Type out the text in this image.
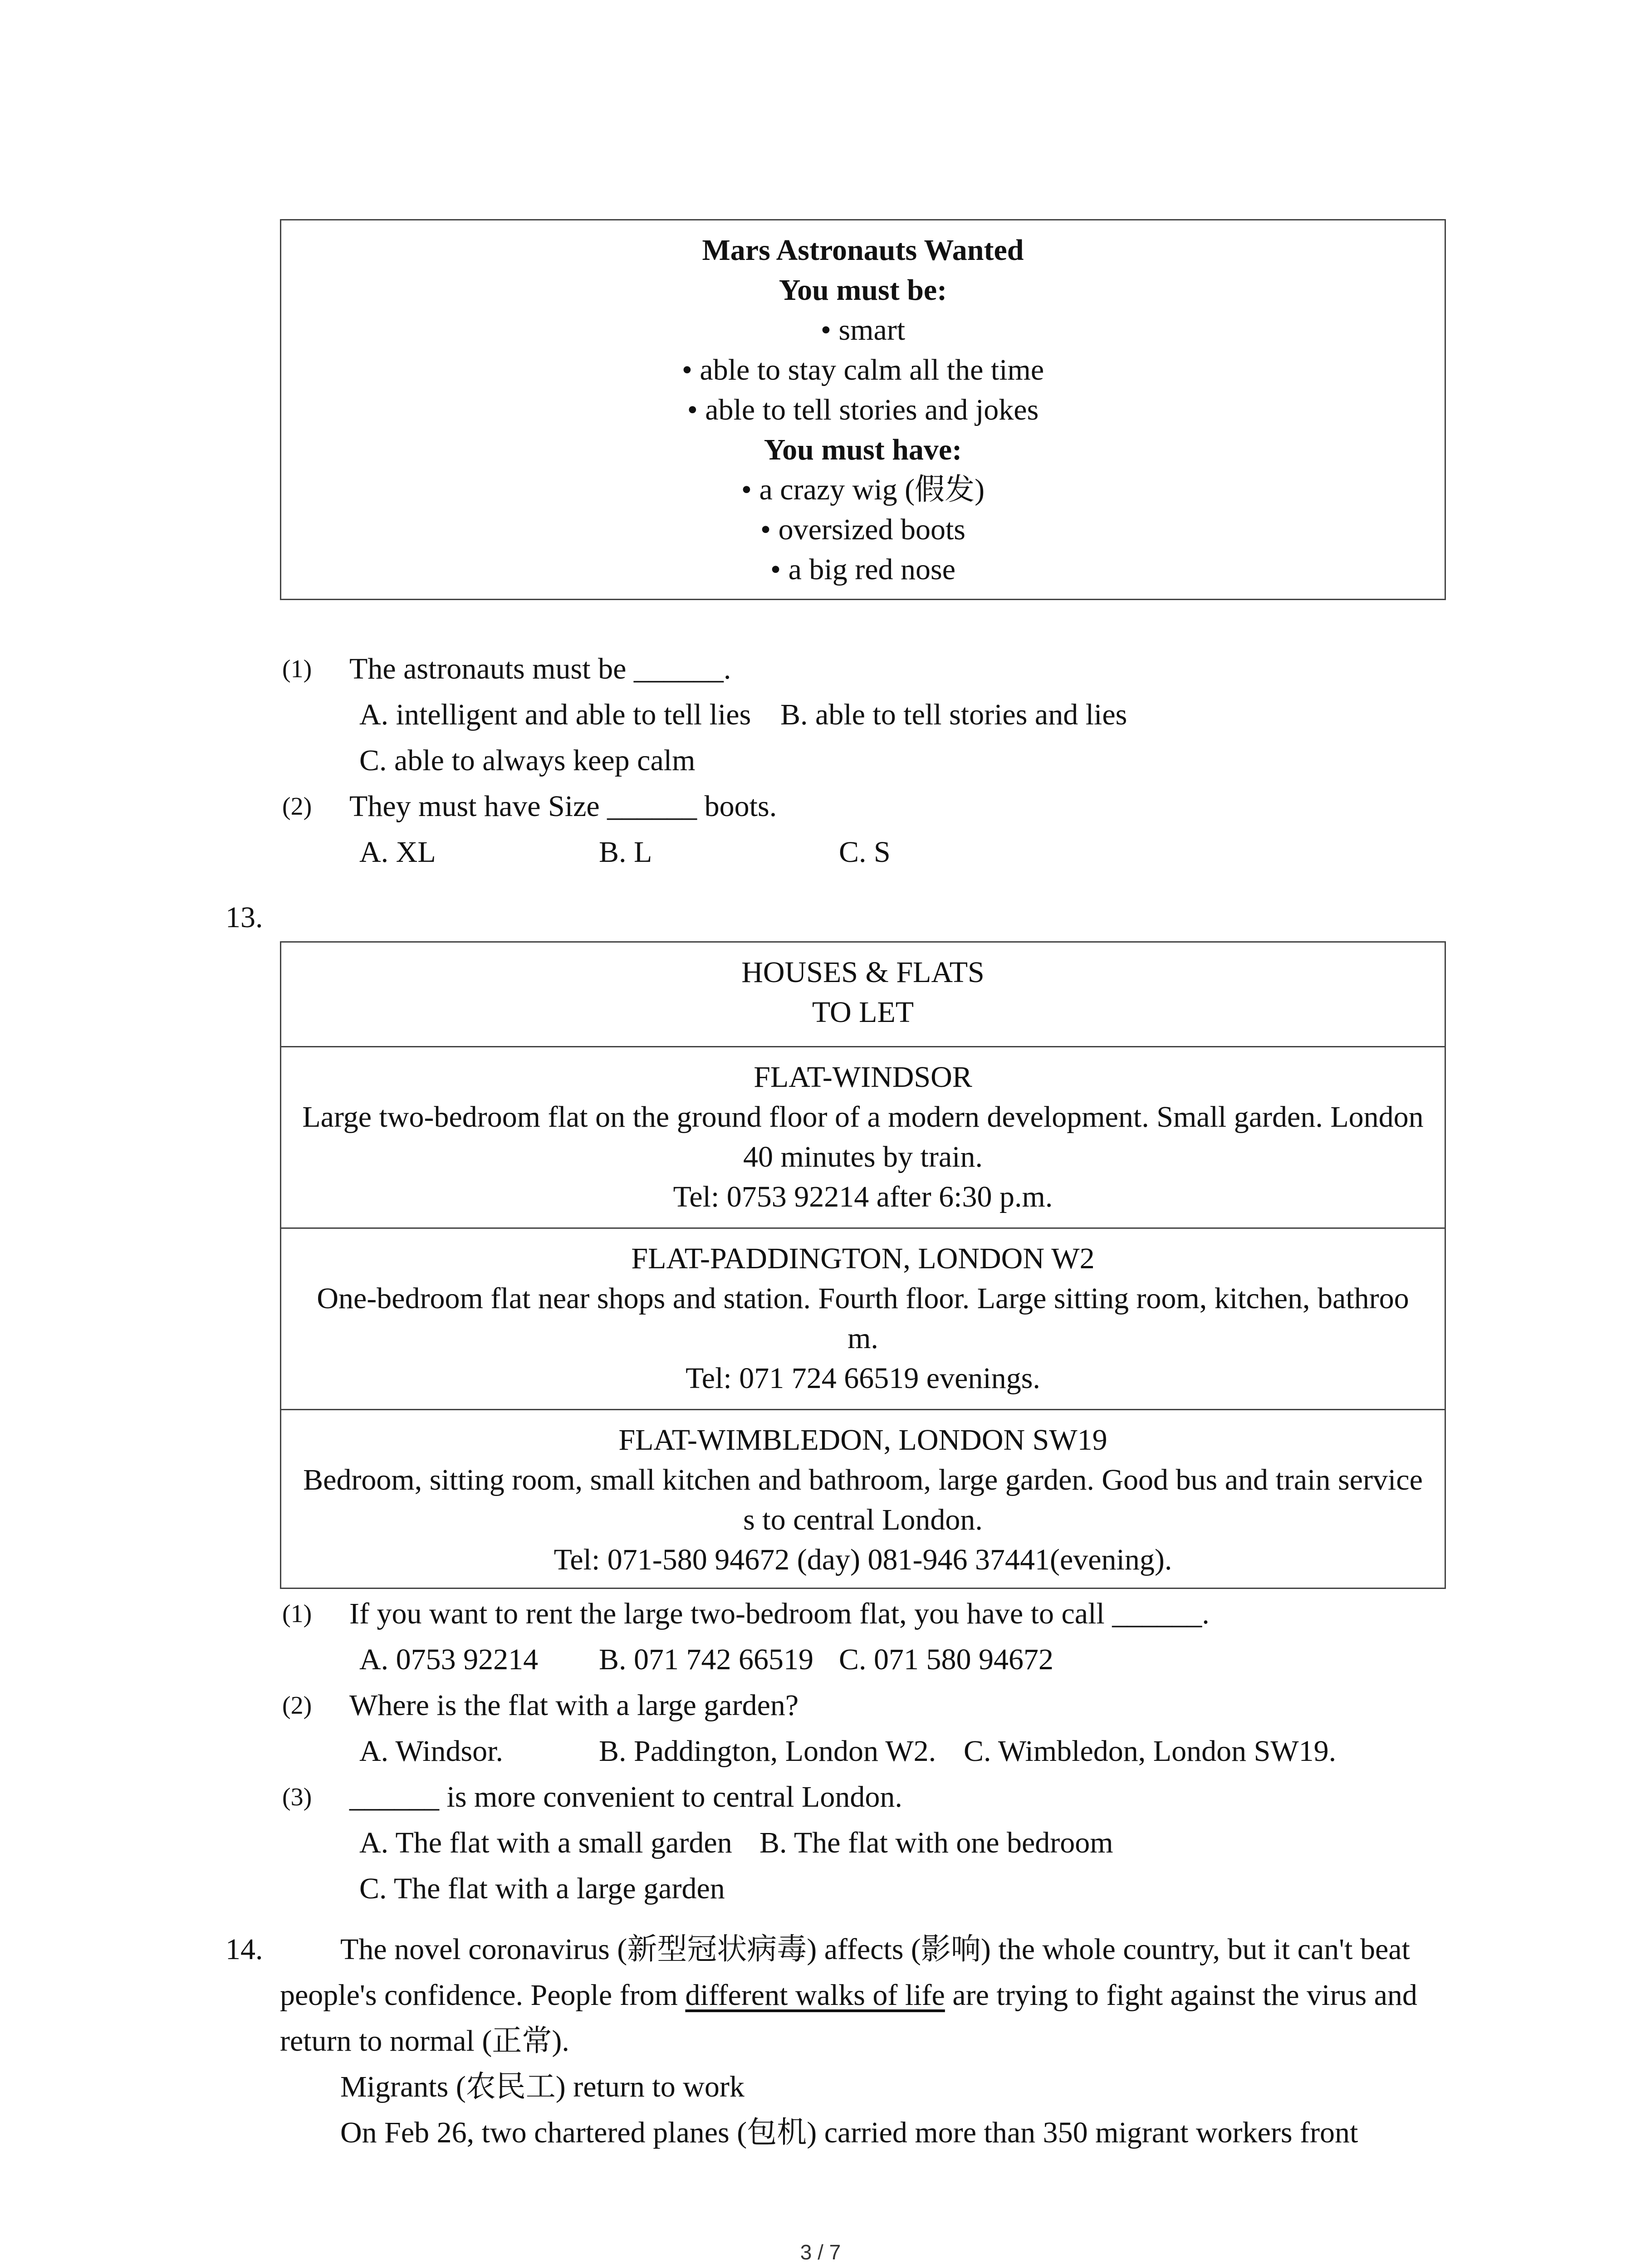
Mars Astronauts Wanted
You must be:
• smart
• able to stay calm all the time
• able to tell stories and jokes
You must have:
• a crazy wig (假发)
• oversized boots
• a big red nose
(1) The astronauts must be ______.
A. intelligent and able to tell lies B. able to tell stories and lies
C. able to always keep calm
(2) They must have Size ______ boots.
A. XL	B. L	C. S
13.
HOUSES & FLATS
TO LET
FLAT-WINDSOR
Large two-bedroom flat on the ground floor of a modern development. Small garden. London
40 minutes by train.
Tel: 0753 92214 after 6:30 p.m.
FLAT-PADDINGTON, LONDON W2
One-bedroom flat near shops and station. Fourth floor. Large sitting room, kitchen, bathroo
m.
Tel: 071 724 66519 evenings.
FLAT-WIMBLEDON, LONDON SW19
Bedroom, sitting room, small kitchen and bathroom, large garden. Good bus and train service
s to central London.
Tel: 071-580 94672 (day) 081-946 37441(evening).
(1) If you want to rent the large two-bedroom flat, you have to call ______.
A. 0753 92214 B. 071 742 66519 C. 071 580 94672
(2) Where is the flat with a large garden?
A. Windsor.	B. Paddington, London W2. C. Wimbledon, London SW19.
(3) ______ is more convenient to central London.
A. The flat with a small garden B. The flat with one bedroom
C. The flat with a large garden
14.	The novel coronavirus (新型冠状病毒) affects (影响) the whole country, but it can't beat
people's confidence. People from different walks of life are trying to fight against the virus and
return to normal (正常).
Migrants (农民工) return to work
On Feb 26, two chartered planes (包机) carried more than 350 migrant workers front
3 / 7
